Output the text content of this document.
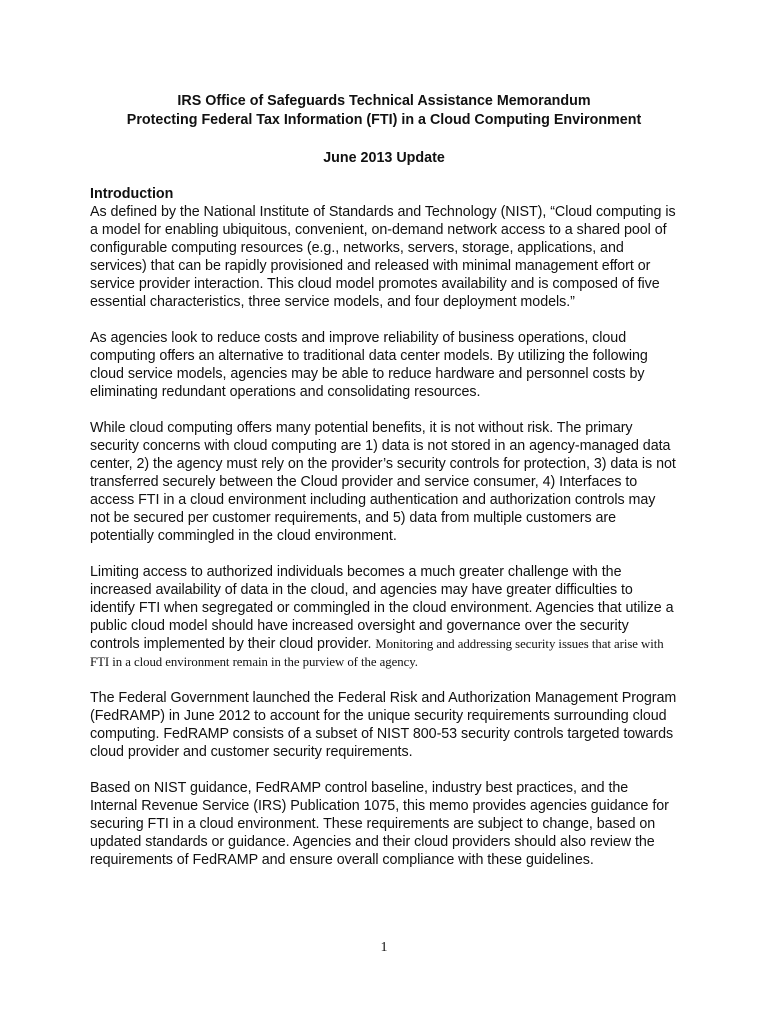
IRS Office of Safeguards Technical Assistance Memorandum
Protecting Federal Tax Information (FTI) in a Cloud Computing Environment
June 2013 Update
Introduction

As defined by the National Institute of Standards and Technology (NIST), “Cloud computing is a model for enabling ubiquitous, convenient, on-demand network access to a shared pool of configurable computing resources (e.g., networks, servers, storage, applications, and services) that can be rapidly provisioned and released with minimal management effort or service provider interaction. This cloud model promotes availability and is composed of five essential characteristics, three service models, and four deployment models.”

As agencies look to reduce costs and improve reliability of business operations, cloud computing offers an alternative to traditional data center models. By utilizing the following cloud service models, agencies may be able to reduce hardware and personnel costs by eliminating redundant operations and consolidating resources.

While cloud computing offers many potential benefits, it is not without risk. The primary security concerns with cloud computing are 1) data is not stored in an agency-managed data center, 2) the agency must rely on the provider’s security controls for protection, 3) data is not transferred securely between the Cloud provider and service consumer, 4) Interfaces to access FTI in a cloud environment including authentication and authorization controls may not be secured per customer requirements, and 5) data from multiple customers are potentially commingled in the cloud environment.

Limiting access to authorized individuals becomes a much greater challenge with the increased availability of data in the cloud, and agencies may have greater difficulties to identify FTI when segregated or commingled in the cloud environment. Agencies that utilize a public cloud model should have increased oversight and governance over the security controls implemented by their cloud provider. Monitoring and addressing security issues that arise with FTI in a cloud environment remain in the purview of the agency.

The Federal Government launched the Federal Risk and Authorization Management Program (FedRAMP) in June 2012 to account for the unique security requirements surrounding cloud computing. FedRAMP consists of a subset of NIST 800-53 security controls targeted towards cloud provider and customer security requirements.

Based on NIST guidance, FedRAMP control baseline, industry best practices, and the Internal Revenue Service (IRS) Publication 1075, this memo provides agencies guidance for securing FTI in a cloud environment. These requirements are subject to change, based on updated standards or guidance. Agencies and their cloud providers should also review the requirements of FedRAMP and ensure overall compliance with these guidelines.

1
